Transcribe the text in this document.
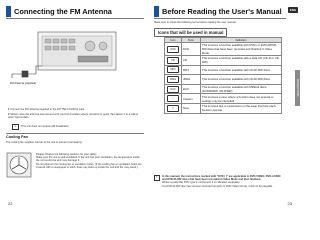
Connecting the FM Antenna
FM Antenna (supplied)
1 Connect the FM antenna supplied to the FM 75Ω COAXIAL Jack.
2 Slowly move the antenna wire around until you find a location where reception is good, then fasten it to a wall or other rigid surface.
✎	This unit does not receive AM broadcasts.
Cooling Fan
The cooling fan supplies cool air to the unit to prevent overheating.
Please observe the following cautions for your safety.
Make sure the unit is well-ventilated. If the unit has poor ventilation, the temperature inside the unit could rise and may damage it.
Do not obstruct the cooling fan or ventilation holes. (If the cooling fan or ventilation holes are covered with a newspaper or cloth, heat may build up inside the unit and fire may result.)
22
Before Reading the User's Manual	ENG
OPERATION
Make sure to check the following terms before reading the user manual.
Icons that will be used in manual
Icon	Term	Definition

DVD	DVD	This involves a function available with DVDs or DVD-R/DVD-RW discs that have been recorded and finalized in Video Mode.

CD	CD	This involves a function available with a data CD (CD-R or CD-RW).

MP3	MP3	This involves a function available with CD-R/-RW discs.

JPEG	JPEG	This involves a function available with CD-R/-RW discs.

DivX	DivX	This involves a function available with MPEG4 discs. (DVD±R/RW, CD-R/RW)

!	Caution	This involves a case where a function does not operate or settings may be cancelled.

✎	Note	This involves tips or instructions on the page that help each function operate.
✎	In this manual, the instructions marked with "DVD ( )" are applicable to DVD-VIDEO, DVD-AUDIO and DVD-R/-RW discs that have been recorded in Video Mode and then finalized.
Where a particular DVD type is mentioned, it is indicated separately.
If a DVD-R/-RW disc has not been recorded properly in DVD Video format, it will not be playable.
23
